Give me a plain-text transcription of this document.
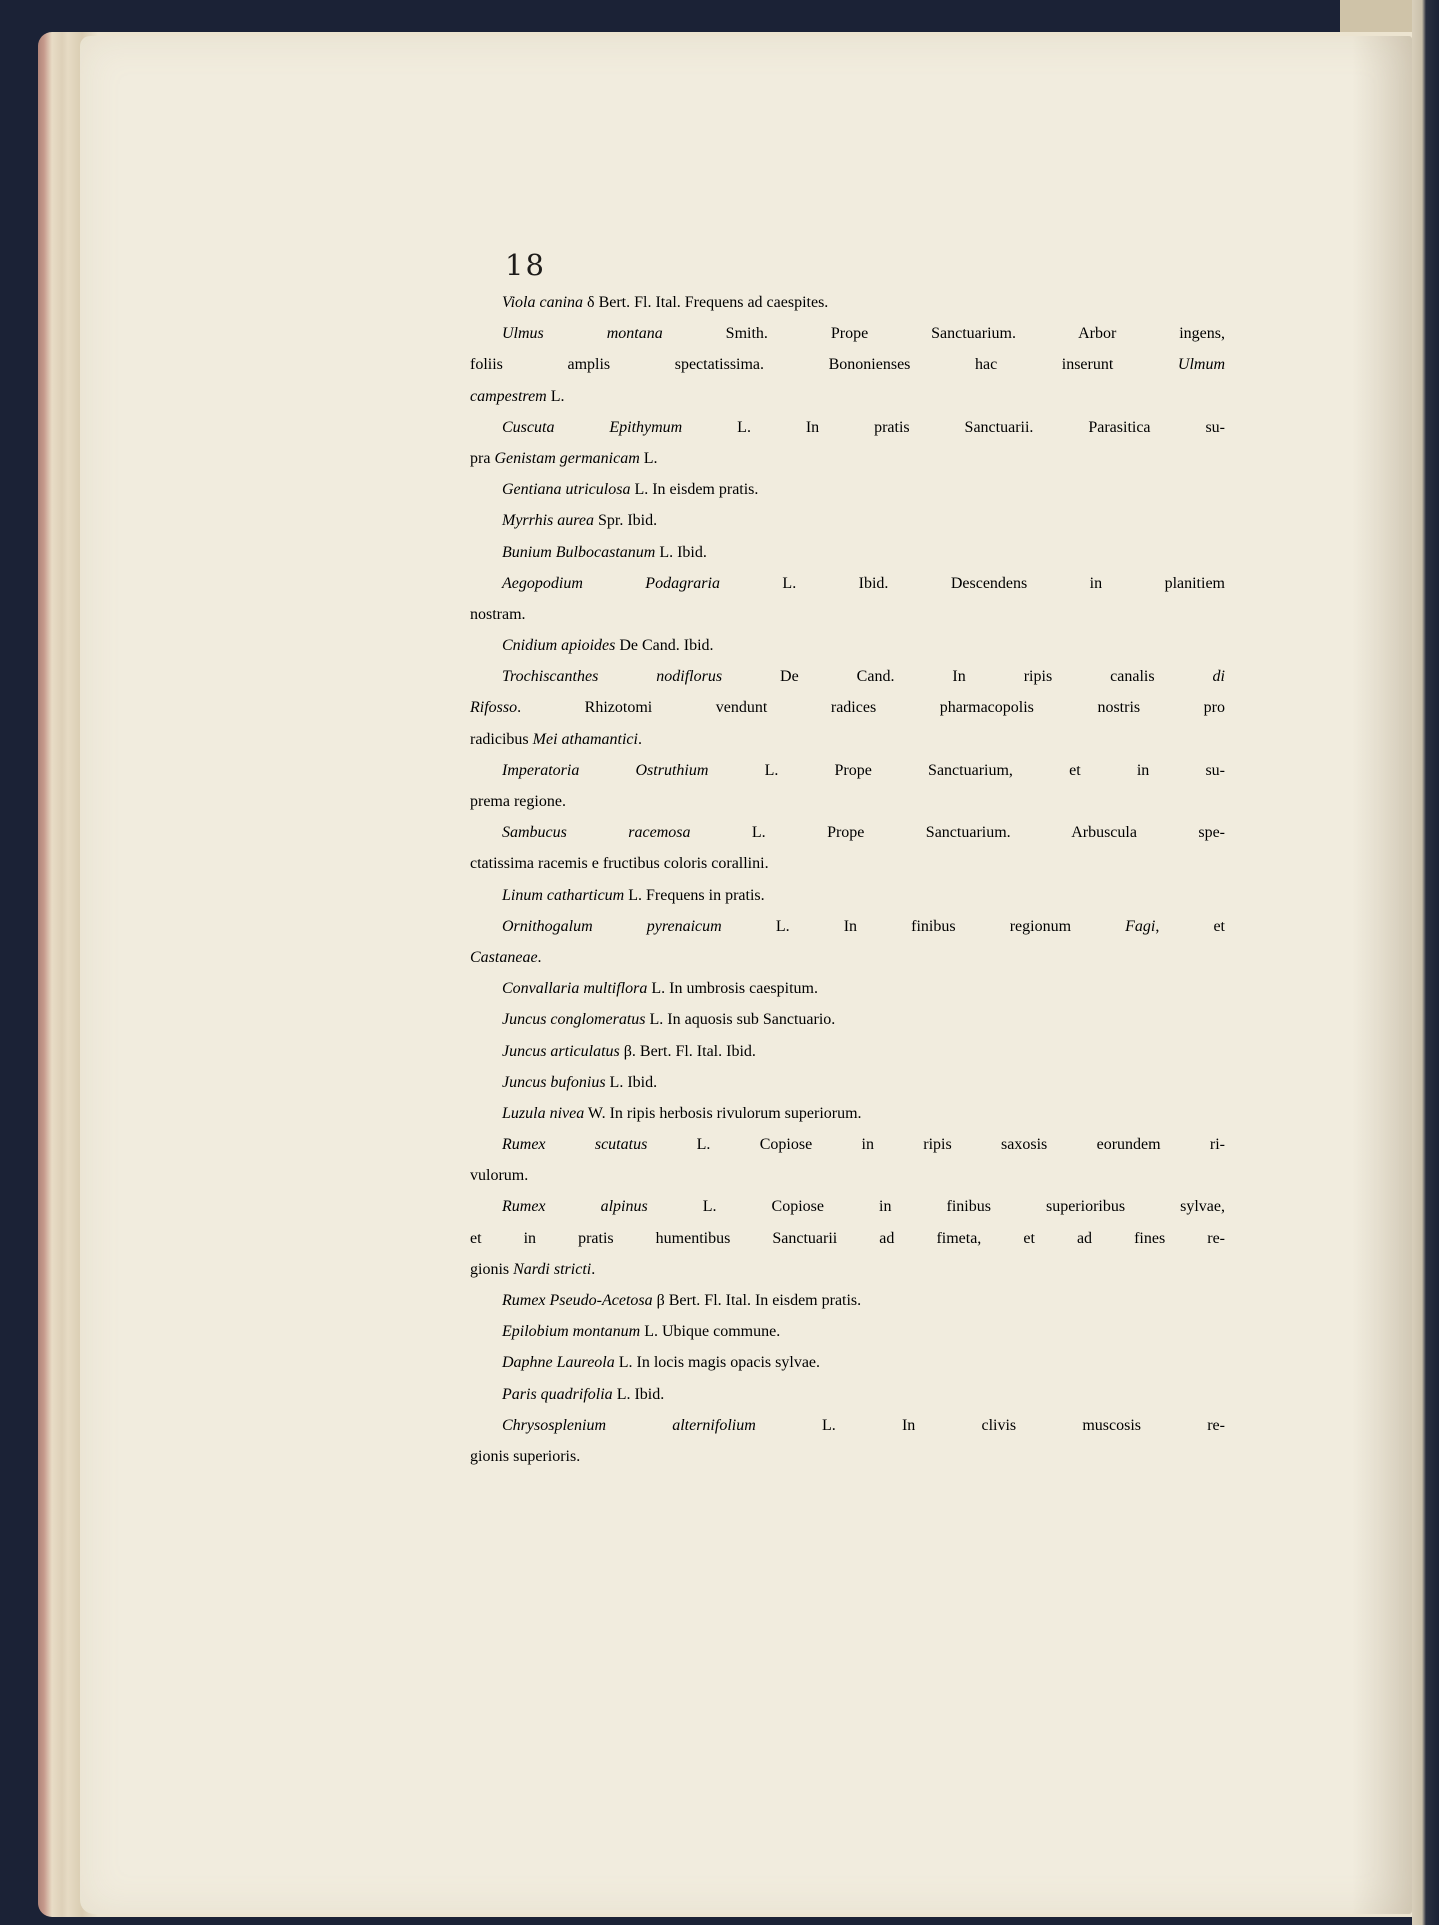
18
Viola canina δ Bert. Fl. Ital. Frequens ad caespites.
Ulmus montana Smith. Prope Sanctuarium. Arbor ingens,
foliis amplis spectatissima. Bononienses hac inserunt Ulmum
campestrem L.
Cuscuta Epithymum L. In pratis Sanctuarii. Parasitica su-
pra Genistam germanicam L.
Gentiana utriculosa L. In eisdem pratis.
Myrrhis aurea Spr. Ibid.
Bunium Bulbocastanum L. Ibid.
Aegopodium Podagraria L. Ibid. Descendens in planitiem
nostram.
Cnidium apioides De Cand. Ibid.
Trochiscanthes nodiflorus De Cand. In ripis canalis di
Rifosso. Rhizotomi vendunt radices pharmacopolis nostris pro
radicibus Mei athamantici.
Imperatoria Ostruthium L. Prope Sanctuarium, et in su-
prema regione.
Sambucus racemosa L. Prope Sanctuarium. Arbuscula spe-
ctatissima racemis e fructibus coloris corallini.
Linum catharticum L. Frequens in pratis.
Ornithogalum pyrenaicum L. In finibus regionum Fagi, et
Castaneae.
Convallaria multiflora L. In umbrosis caespitum.
Juncus conglomeratus L. In aquosis sub Sanctuario.
Juncus articulatus β. Bert. Fl. Ital. Ibid.
Juncus bufonius L. Ibid.
Luzula nivea W. In ripis herbosis rivulorum superiorum.
Rumex scutatus L. Copiose in ripis saxosis eorundem ri-
vulorum.
Rumex alpinus L. Copiose in finibus superioribus sylvae,
et in pratis humentibus Sanctuarii ad fimeta, et ad fines re-
gionis Nardi stricti.
Rumex Pseudo-Acetosa β Bert. Fl. Ital. In eisdem pratis.
Epilobium montanum L. Ubique commune.
Daphne Laureola L. In locis magis opacis sylvae.
Paris quadrifolia L. Ibid.
Chrysosplenium alternifolium L. In clivis muscosis re-
gionis superioris.
